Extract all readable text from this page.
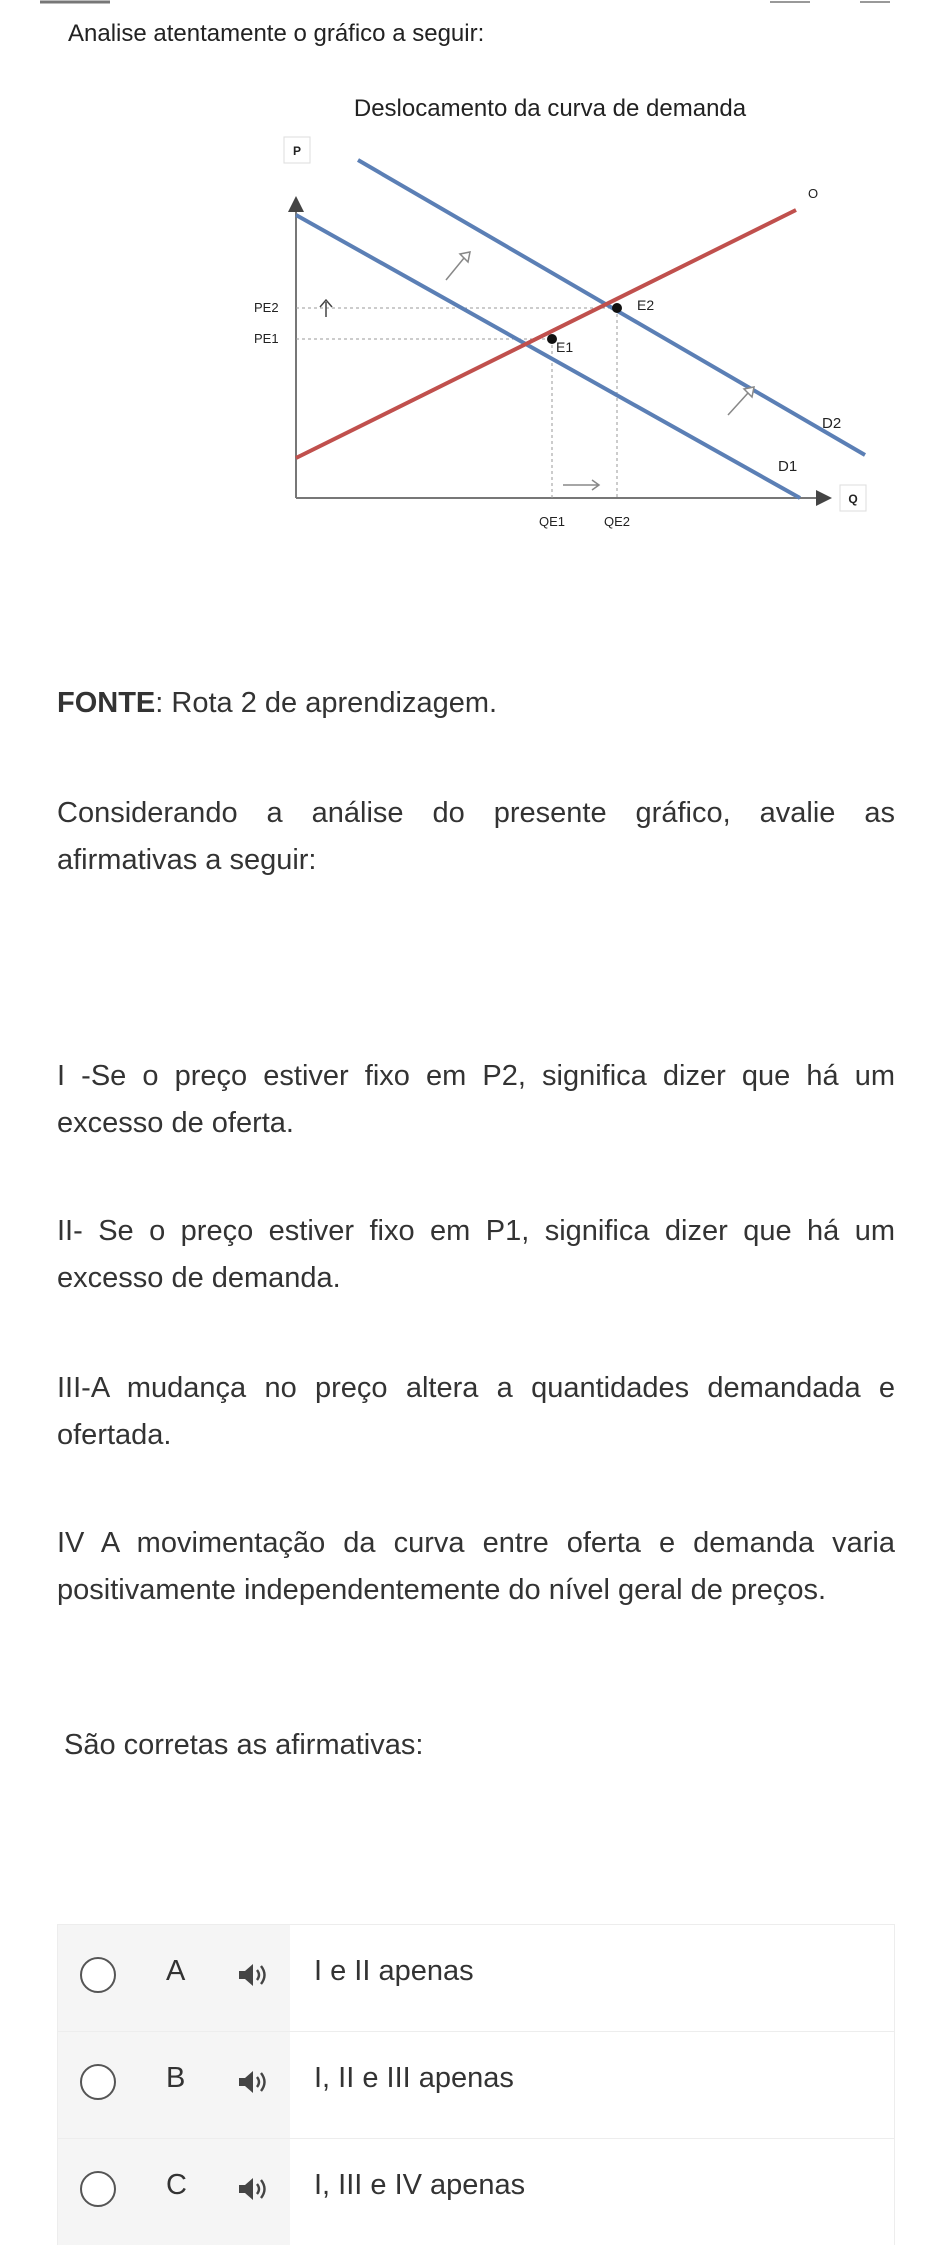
Analise atentamente o gráfico a seguir:
Deslocamento da curva de demanda
P
Q
O
D2
D1
E1
E2
PE2
PE1
QE1	QE2
FONTE: Rota 2 de aprendizagem.
Considerando a análise do presente gráfico, avalie as afirmativas a seguir:
I -Se o preço estiver fixo em P2, significa dizer que há um excesso de oferta.
II- Se o preço estiver fixo em P1, significa dizer que há um excesso de demanda.
III-A mudança no preço altera a quantidades demandada e ofertada.
IV A movimentação da curva entre oferta e demanda varia positivamente independentemente do nível geral de preços.
São corretas as afirmativas:
A	I e II apenas
B	I, II e III apenas
C	I, III e IV apenas
